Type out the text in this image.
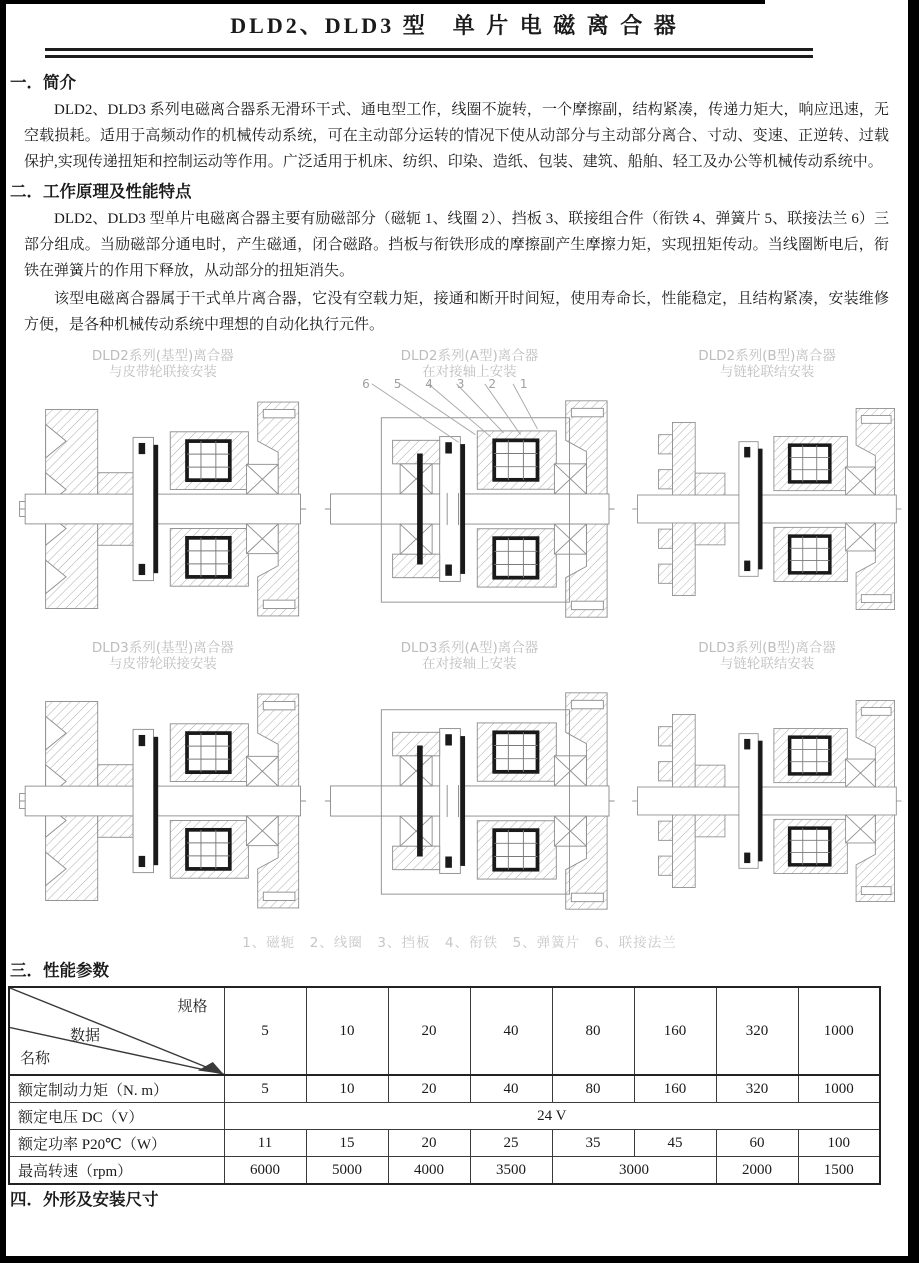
DLD2、DLD3 型　单 片 电 磁 离 合 器
一．简介

DLD2、DLD3 系列电磁离合器系无滑环干式、通电型工作，线圈不旋转，一个摩擦副，结构紧凑，传递力矩大，响应迅速，无空载损耗。适用于高频动作的机械传动系统，可在主动部分运转的情况下使从动部分与主动部分离合、寸动、变速、正逆转、过载保护,实现传递扭矩和控制运动等作用。广泛适用于机床、纺织、印染、造纸、包装、建筑、船舶、轻工及办公等机械传动系统中。

二．工作原理及性能特点

DLD2、DLD3 型单片电磁离合器主要有励磁部分（磁轭 1、线圈 2）、挡板 3、联接组合件（衔铁 4、弹簧片 5、联接法兰 6）三部分组成。当励磁部分通电时，产生磁通，闭合磁路。挡板与衔铁形成的摩擦副产生摩擦力矩，实现扭矩传动。当线圈断电后，衔铁在弹簧片的作用下释放，从动部分的扭矩消失。

该型电磁离合器属于干式单片离合器，它没有空载力矩，接通和断开时间短，使用寿命长，性能稳定，且结构紧凑，安装维修方便，是各种机械传动系统中理想的自动化执行元件。

DLD2系列(基型)离合器
与皮带轮联接安装
DLD2系列(A型)离合器
在对接轴上安装
6 5 4 3 2 1
DLD2系列(B型)离合器
与链轮联结安装
DLD3系列(基型)离合器
与皮带轮联接安装
DLD3系列(A型)离合器
在对接轴上安装
DLD3系列(B型)离合器
与链轮联结安装
1、磁轭　2、线圈　3、挡板　4、衔铁　5、弹簧片　6、联接法兰
三．性能参数
规格
数据
名称	5	10	20	40	80	160	320	1000
额定制动力矩（N. m）	5	10	20	40	80	160	320	1000
额定电压 DC（V）	24 V							
额定功率 P20℃（W）	11	15	20	25	35	45	60	100
最高转速（rpm）	6000	5000	4000	3500	3000		2000	1500
四．外形及安装尺寸
